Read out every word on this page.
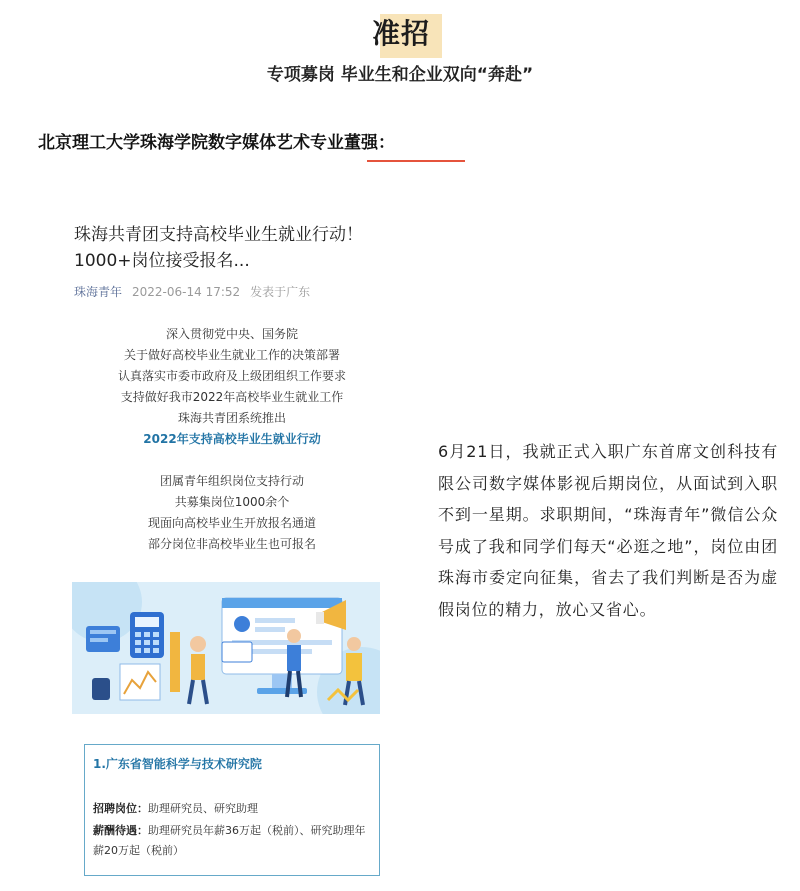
准招
专项募岗 毕业生和企业双向“奔赴”
北京理工大学珠海学院数字媒体艺术专业董强：
珠海共青团支持高校毕业生就业行动！1000+岗位接受报名...
珠海青年 2022-06-14 17:52 发表于广东
深入贯彻党中央、国务院
关于做好高校毕业生就业工作的决策部署
认真落实市委市政府及上级团组织工作要求
支持做好我市2022年高校毕业生就业工作
珠海共青团系统推出
2022年支持高校毕业生就业行动
团属青年组织岗位支持行动
共募集岗位1000余个
现面向高校毕业生开放报名通道
部分岗位非高校毕业生也可报名
1.广东省智能科学与技术研究院
招聘岗位：助理研究员、研究助理
薪酬待遇：助理研究员年薪36万起（税前）、研究助理年薪20万起（税前）
6月21日，我就正式入职广东首席文创科技有限公司数字媒体影视后期岗位，从面试到入职不到一星期。求职期间，“珠海青年”微信公众号成了我和同学们每天“必逛之地”，岗位由团珠海市委定向征集，省去了我们判断是否为虚假岗位的精力，放心又省心。
